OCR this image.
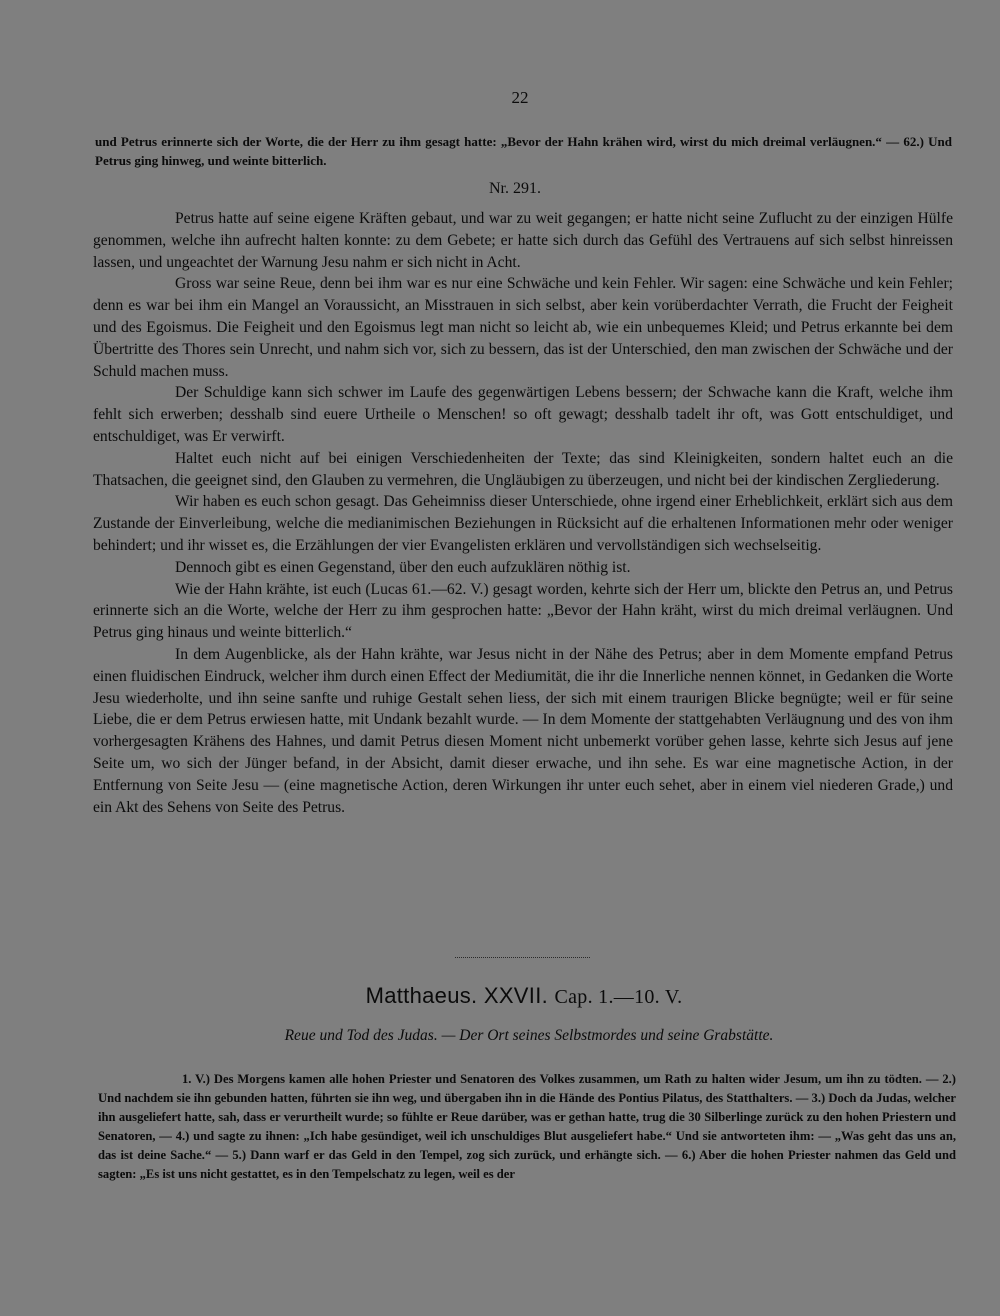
22

und Petrus erinnerte sich der Worte, die der Herr zu ihm gesagt hatte: „Bevor der Hahn krähen wird, wirst du mich dreimal verläugnen.“ — 62.) Und Petrus ging hinweg, und weinte bitterlich.

Nr. 291.

Petrus hatte auf seine eigene Kräften gebaut, und war zu weit gegangen; er hatte nicht seine Zuflucht zu der einzigen Hülfe genommen, welche ihn aufrecht halten konnte: zu dem Gebete; er hatte sich durch das Gefühl des Vertrauens auf sich selbst hinreissen lassen, und ungeachtet der Warnung Jesu nahm er sich nicht in Acht.

Gross war seine Reue, denn bei ihm war es nur eine Schwäche und kein Fehler. Wir sagen: eine Schwäche und kein Fehler; denn es war bei ihm ein Mangel an Voraussicht, an Misstrauen in sich selbst, aber kein vorüberdachter Verrath, die Frucht der Feigheit und des Egoismus. Die Feigheit und den Egoismus legt man nicht so leicht ab, wie ein unbequemes Kleid; und Petrus erkannte bei dem Übertritte des Thores sein Unrecht, und nahm sich vor, sich zu bessern, das ist der Unterschied, den man zwischen der Schwäche und der Schuld machen muss.

Der Schuldige kann sich schwer im Laufe des gegenwärtigen Lebens bessern; der Schwache kann die Kraft, welche ihm fehlt sich erwerben; desshalb sind euere Urtheile o Menschen! so oft gewagt; desshalb tadelt ihr oft, was Gott entschuldiget, und entschuldiget, was Er verwirft.

Haltet euch nicht auf bei einigen Verschiedenheiten der Texte; das sind Kleinigkeiten, sondern haltet euch an die Thatsachen, die geeignet sind, den Glauben zu vermehren, die Ungläubigen zu überzeugen, und nicht bei der kindischen Zergliederung.

Wir haben es euch schon gesagt. Das Geheimniss dieser Unterschiede, ohne irgend einer Erheblichkeit, erklärt sich aus dem Zustande der Einverleibung, welche die medianimischen Beziehungen in Rücksicht auf die erhaltenen Informationen mehr oder weniger behindert; und ihr wisset es, die Erzählungen der vier Evangelisten erklären und vervollständigen sich wechselseitig.

Dennoch gibt es einen Gegenstand, über den euch aufzuklären nöthig ist.

Wie der Hahn krähte, ist euch (Lucas 61.—62. V.) gesagt worden, kehrte sich der Herr um, blickte den Petrus an, und Petrus erinnerte sich an die Worte, welche der Herr zu ihm gesprochen hatte: „Bevor der Hahn kräht, wirst du mich dreimal verläugnen. Und Petrus ging hinaus und weinte bitterlich.“

In dem Augenblicke, als der Hahn krähte, war Jesus nicht in der Nähe des Petrus; aber in dem Momente empfand Petrus einen fluidischen Eindruck, welcher ihm durch einen Effect der Mediumität, die ihr die Innerliche nennen könnet, in Gedanken die Worte Jesu wiederholte, und ihn seine sanfte und ruhige Gestalt sehen liess, der sich mit einem traurigen Blicke begnügte; weil er für seine Liebe, die er dem Petrus erwiesen hatte, mit Undank bezahlt wurde. — In dem Momente der stattgehabten Verläugnung und des von ihm vorhergesagten Krähens des Hahnes, und damit Petrus diesen Moment nicht unbemerkt vorüber gehen lasse, kehrte sich Jesus auf jene Seite um, wo sich der Jünger befand, in der Absicht, damit dieser erwache, und ihn sehe. Es war eine magnetische Action, in der Entfernung von Seite Jesu — (eine magnetische Action, deren Wirkungen ihr unter euch sehet, aber in einem viel niederen Grade,) und ein Akt des Sehens von Seite des Petrus.

Matthaeus. XXVII. Cap. 1.—10. V.
Reue und Tod des Judas. — Der Ort seines Selbstmordes und seine Grabstätte.

1. V.) Des Morgens kamen alle hohen Priester und Senatoren des Volkes zusammen, um Rath zu halten wider Jesum, um ihn zu tödten. — 2.) Und nachdem sie ihn gebunden hatten, führten sie ihn weg, und übergaben ihn in die Hände des Pontius Pilatus, des Statthalters. — 3.) Doch da Judas, welcher ihn ausgeliefert hatte, sah, dass er verurtheilt wurde; so fühlte er Reue darüber, was er gethan hatte, trug die 30 Silberlinge zurück zu den hohen Priestern und Senatoren, — 4.) und sagte zu ihnen: „Ich habe gesündiget, weil ich unschuldiges Blut ausgeliefert habe.“ Und sie antworteten ihm: — „Was geht das uns an, das ist deine Sache.“ — 5.) Dann warf er das Geld in den Tempel, zog sich zurück, und erhängte sich. — 6.) Aber die hohen Priester nahmen das Geld und sagten: „Es ist uns nicht gestattet, es in den Tempelschatz zu legen, weil es der
